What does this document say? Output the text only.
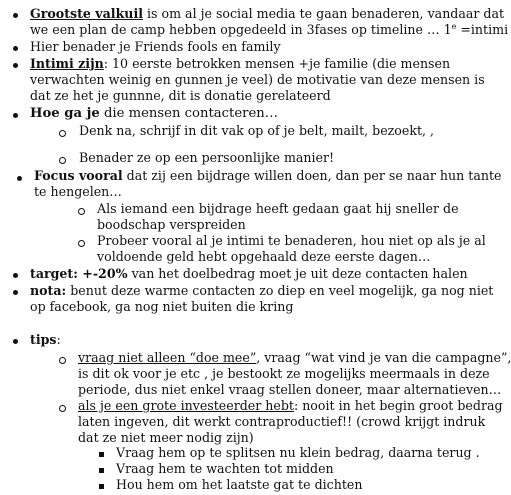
Grootste valkuil is om al je social media te gaan benaderen, vandaar dat
we een plan de camp hebben opgedeeld in 3fases op timeline … $1^e$ =intimi
Hier benader je Friends fools en family
Intimi zijn: 10 eerste betrokken mensen +je familie (die mensen
verwachten weinig en gunnen je veel) de motivatie van deze mensen is
dat ze het je gunnne, dit is donatie gerelateerd
Hoe ga je die mensen contacteren…
Denk na, schrijf in dit vak op of je belt, mailt, bezoekt, ,
Benader ze op een persoonlijke manier!
Focus vooral dat zij een bijdrage willen doen, dan per se naar hun tante
te hengelen…
Als iemand een bijdrage heeft gedaan gaat hij sneller de
boodschap verspreiden
Probeer vooral al je intimi te benaderen, hou niet op als je al
voldoende geld hebt opgehaald deze eerste dagen…
target: +-20% van het doelbedrag moet je uit deze contacten halen
nota: benut deze warme contacten zo diep en veel mogelijk, ga nog niet
op facebook, ga nog niet buiten die kring
tips:
vraag niet alleen “doe mee”, vraag “wat vind je van die campagne”,
is dit ok voor je etc , je bestookt ze mogelijks meermaals in deze
periode, dus niet enkel vraag stellen doneer, maar alternatieven…
als je een grote investeerder hebt: nooit in het begin groot bedrag
laten ingeven, dit werkt contraproductief!! (crowd krijgt indruk
dat ze niet meer nodig zijn)
Vraag hem op te splitsen nu klein bedrag, daarna terug .
Vraag hem te wachten tot midden
Hou hem om het laatste gat te dichten
